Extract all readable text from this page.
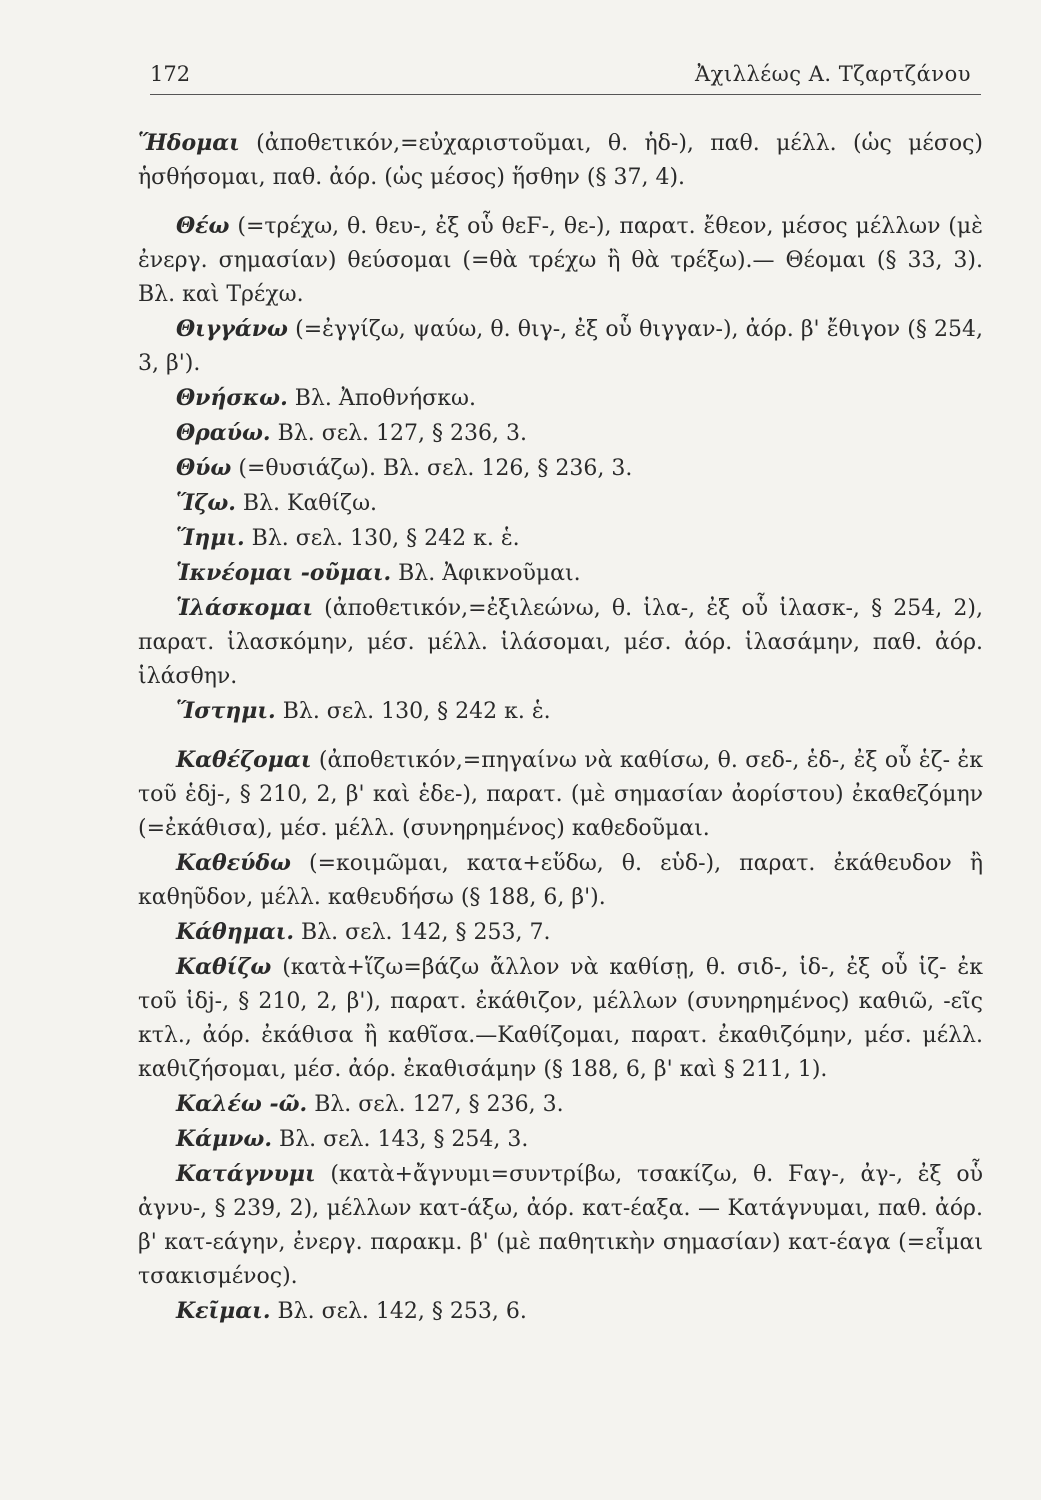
172	Ἀχιλλέως Α. Τζαρτζάνου

Ἥδομαι (ἀποθετικόν,=εὐχαριστοῦμαι, θ. ἡδ-), παθ. μέλλ. (ὡς μέσος) ἡσθήσομαι, παθ. ἀόρ. (ὡς μέσος) ἥσθην (§ 37, 4).

Θέω (=τρέχω, θ. θευ-, ἐξ οὗ θεϜ-, θε-), παρατ. ἔθεον, μέσος μέλλων (μὲ ἐνεργ. σημασίαν) θεύσομαι (=θὰ τρέχω ἢ θὰ τρέξω).— Θέομαι (§ 33, 3). Βλ. καὶ Τρέχω.

Θιγγάνω (=ἐγγίζω, ψαύω, θ. θιγ-, ἐξ οὗ θιγγαν-), ἀόρ. β' ἔθιγον (§ 254, 3, β').

Θνήσκω. Βλ. Ἀποθνήσκω.

Θραύω. Βλ. σελ. 127, § 236, 3.

Θύω (=θυσιάζω). Βλ. σελ. 126, § 236, 3.

Ἵζω. Βλ. Καθίζω.

Ἵημι. Βλ. σελ. 130, § 242 κ. ἑ.

Ἱκνέομαι -οῦμαι. Βλ. Ἀφικνοῦμαι.

Ἱλάσκομαι (ἀποθετικόν,=ἐξιλεώνω, θ. ἱλα-, ἐξ οὗ ἱλασκ-, § 254, 2), παρατ. ἱλασκόμην, μέσ. μέλλ. ἱλάσομαι, μέσ. ἀόρ. ἱλασάμην, παθ. ἀόρ. ἱλάσθην.

Ἵστημι. Βλ. σελ. 130, § 242 κ. ἑ.

Καθέζομαι (ἀποθετικόν,=πηγαίνω νὰ καθίσω, θ. σεδ-, ἑδ-, ἐξ οὗ ἑζ- ἐκ τοῦ ἑδj-, § 210, 2, β' καὶ ἑδε-), παρατ. (μὲ σημασίαν ἀορίστου) ἐκαθεζόμην (=ἐκάθισα), μέσ. μέλλ. (συνηρημένος) καθεδοῦμαι.

Καθεύδω (=κοιμῶμαι, κατα+εὕδω, θ. εὑδ-), παρατ. ἐκάθευδον ἢ καθηῦδον, μέλλ. καθευδήσω (§ 188, 6, β').

Κάθημαι. Βλ. σελ. 142, § 253, 7.

Καθίζω (κατὰ+ἵζω=βάζω ἄλλον νὰ καθίσῃ, θ. σιδ-, ἱδ-, ἐξ οὗ ἱζ- ἐκ τοῦ ἱδj-, § 210, 2, β'), παρατ. ἐκάθιζον, μέλλων (συνηρημένος) καθιῶ, -εῖς κτλ., ἀόρ. ἐκάθισα ἢ καθῖσα.—Καθίζομαι, παρατ. ἐκαθιζόμην, μέσ. μέλλ. καθιζήσομαι, μέσ. ἀόρ. ἐκαθισάμην (§ 188, 6, β' καὶ § 211, 1).

Καλέω -ῶ. Βλ. σελ. 127, § 236, 3.

Κάμνω. Βλ. σελ. 143, § 254, 3.

Κατάγνυμι (κατὰ+ἄγνυμι=συντρίβω, τσακίζω, θ. Ϝαγ-, ἀγ-, ἐξ οὗ ἀγνυ-, § 239, 2), μέλλων κατ-άξω, ἀόρ. κατ-έαξα. — Κατάγνυμαι, παθ. ἀόρ. β' κατ-εάγην, ἐνεργ. παρακμ. β' (μὲ παθητικὴν σημασίαν) κατ-έαγα (=εἶμαι τσακισμένος).

Κεῖμαι. Βλ. σελ. 142, § 253, 6.
